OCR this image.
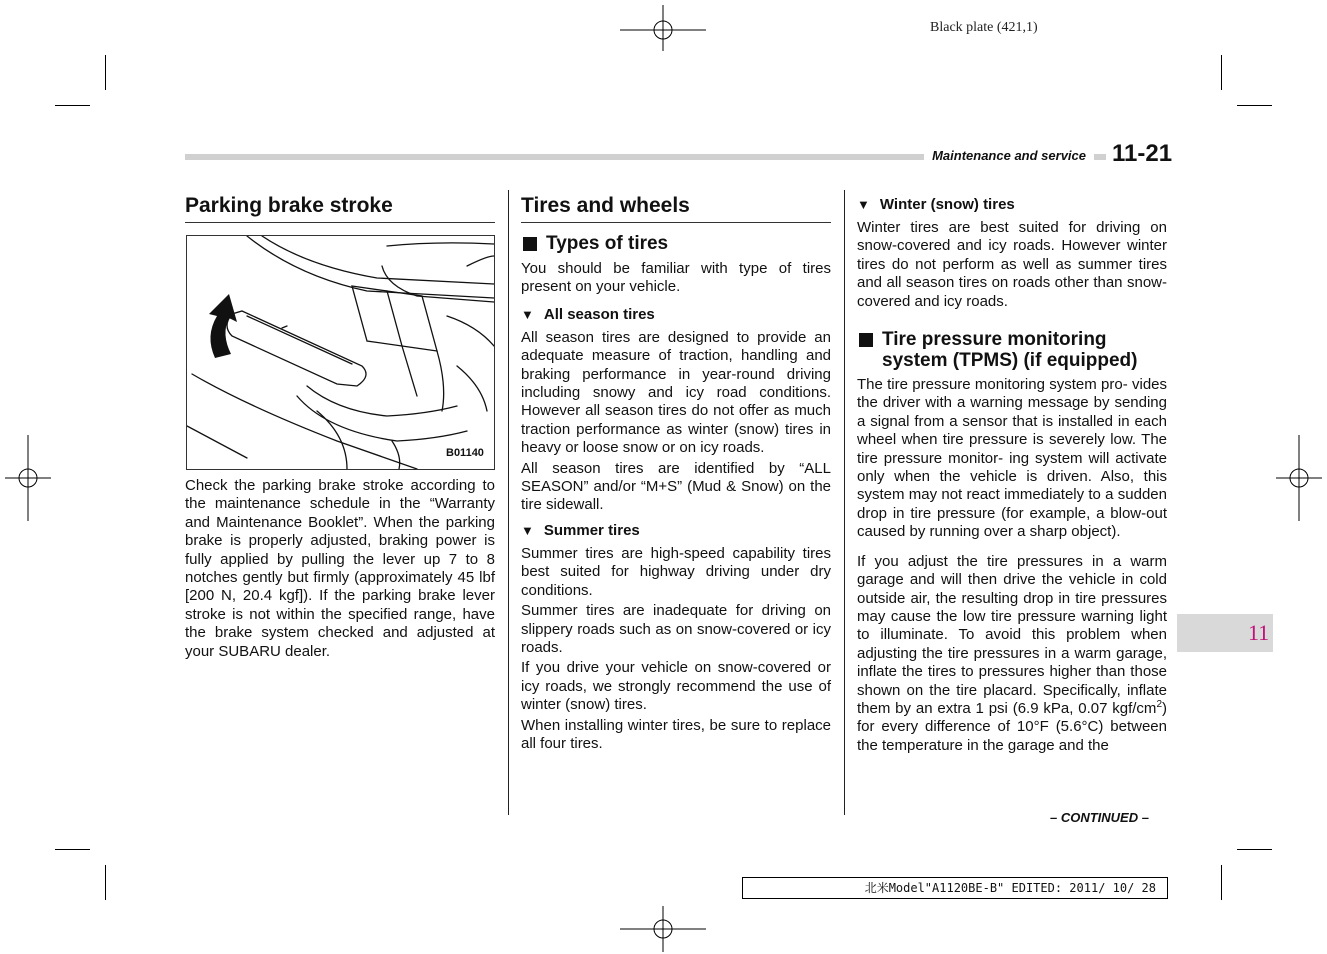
Black plate (421,1)
Maintenance and service	11-21
Parking brake stroke
B01140

Check the parking brake stroke according to the maintenance schedule in the “Warranty and Maintenance Booklet”. When the parking brake is properly adjusted, braking power is fully applied by pulling the lever up 7 to 8 notches gently but firmly (approximately 45 lbf [200 N, 20.4 kgf]). If the parking brake lever stroke is not within the specified range, have the brake system checked and adjusted at your SUBARU dealer.

Tires and wheels
Types of tires

You should be familiar with type of tires present on your vehicle.

▼ All season tires

All season tires are designed to provide an adequate measure of traction, handling and braking performance in year-round driving including snowy and icy road conditions. However all season tires do not offer as much traction performance as winter (snow) tires in heavy or loose snow or on icy roads.

All season tires are identified by “ALL SEASON” and/or “M+S” (Mud & Snow) on the tire sidewall.

▼ Summer tires

Summer tires are high-speed capability tires best suited for highway driving under dry conditions.

Summer tires are inadequate for driving on slippery roads such as on snow-covered or icy roads.

If you drive your vehicle on snow-covered or icy roads, we strongly recommend the use of winter (snow) tires.

When installing winter tires, be sure to replace all four tires.

▼ Winter (snow) tires

Winter tires are best suited for driving on snow-covered and icy roads. However winter tires do not perform as well as summer tires and all season tires on roads other than snow-covered and icy roads.

Tire pressure monitoring
system (TPMS) (if equipped)

The tire pressure monitoring system pro- vides the driver with a warning message by sending a signal from a sensor that is installed in each wheel when tire pressure is severely low. The tire pressure monitor- ing system will activate only when the vehicle is driven. Also, this system may not react immediately to a sudden drop in tire pressure (for example, a blow-out caused by running over a sharp object).

If you adjust the tire pressures in a warm garage and will then drive the vehicle in cold outside air, the resulting drop in tire pressures may cause the low tire pressure warning light to illuminate. To avoid this problem when adjusting the tire pressures in a warm garage, inflate the tires to pressures higher than those shown on the tire placard. Specifically, inflate them by an extra 1 psi (6.9 kPa, 0.07 kgf/$cm^2$) for every difference of 10°F (5.6°C) between the temperature in the garage and the

– CONTINUED –
11
北米Model"A1120BE-B" EDITED: 2011/ 10/ 28
